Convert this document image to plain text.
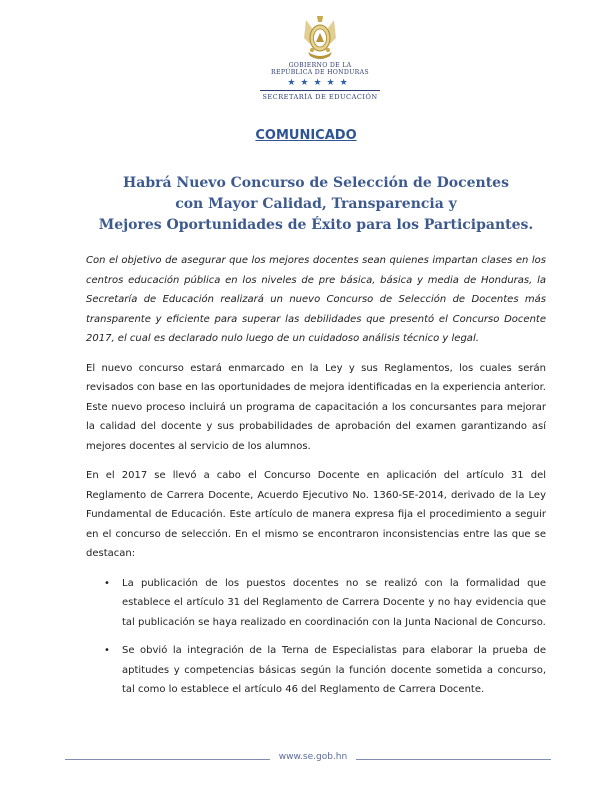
GOBIERNO DE LA
REPÚBLICA DE HONDURAS
★★★★★
SECRETARÍA DE EDUCACIÓN
COMUNICADO
Habrá Nuevo Concurso de Selección de Docentes
con Mayor Calidad, Transparencia y
Mejores Oportunidades de Éxito para los Participantes.

Con el objetivo de asegurar que los mejores docentes sean quienes impartan clases en los centros educación pública en los niveles de pre básica, básica y media de Honduras, la Secretaría de Educación realizará un nuevo Concurso de Selección de Docentes más transparente y eficiente para superar las debilidades que presentó el Concurso Docente 2017, el cual es declarado nulo luego de un cuidadoso análisis técnico y legal.

El nuevo concurso estará enmarcado en la Ley y sus Reglamentos, los cuales serán revisados con base en las oportunidades de mejora identificadas en la experiencia anterior. Este nuevo proceso incluirá un programa de capacitación a los concursantes para mejorar la calidad del docente y sus probabilidades de aprobación del examen garantizando así mejores docentes al servicio de los alumnos.

En el 2017 se llevó a cabo el Concurso Docente en aplicación del artículo 31 del Reglamento de Carrera Docente, Acuerdo Ejecutivo No. 1360-SE-2014, derivado de la Ley Fundamental de Educación. Este artículo de manera expresa fija el procedimiento a seguir en el concurso de selección. En el mismo se encontraron inconsistencias entre las que se destacan:

• La publicación de los puestos docentes no se realizó con la formalidad que establece el artículo 31 del Reglamento de Carrera Docente y no hay evidencia que tal publicación se haya realizado en coordinación con la Junta Nacional de Concurso.
• Se obvió la integración de la Terna de Especialistas para elaborar la prueba de aptitudes y competencias básicas según la función docente sometida a concurso, tal como lo establece el artículo 46 del Reglamento de Carrera Docente.
www.se.gob.hn
